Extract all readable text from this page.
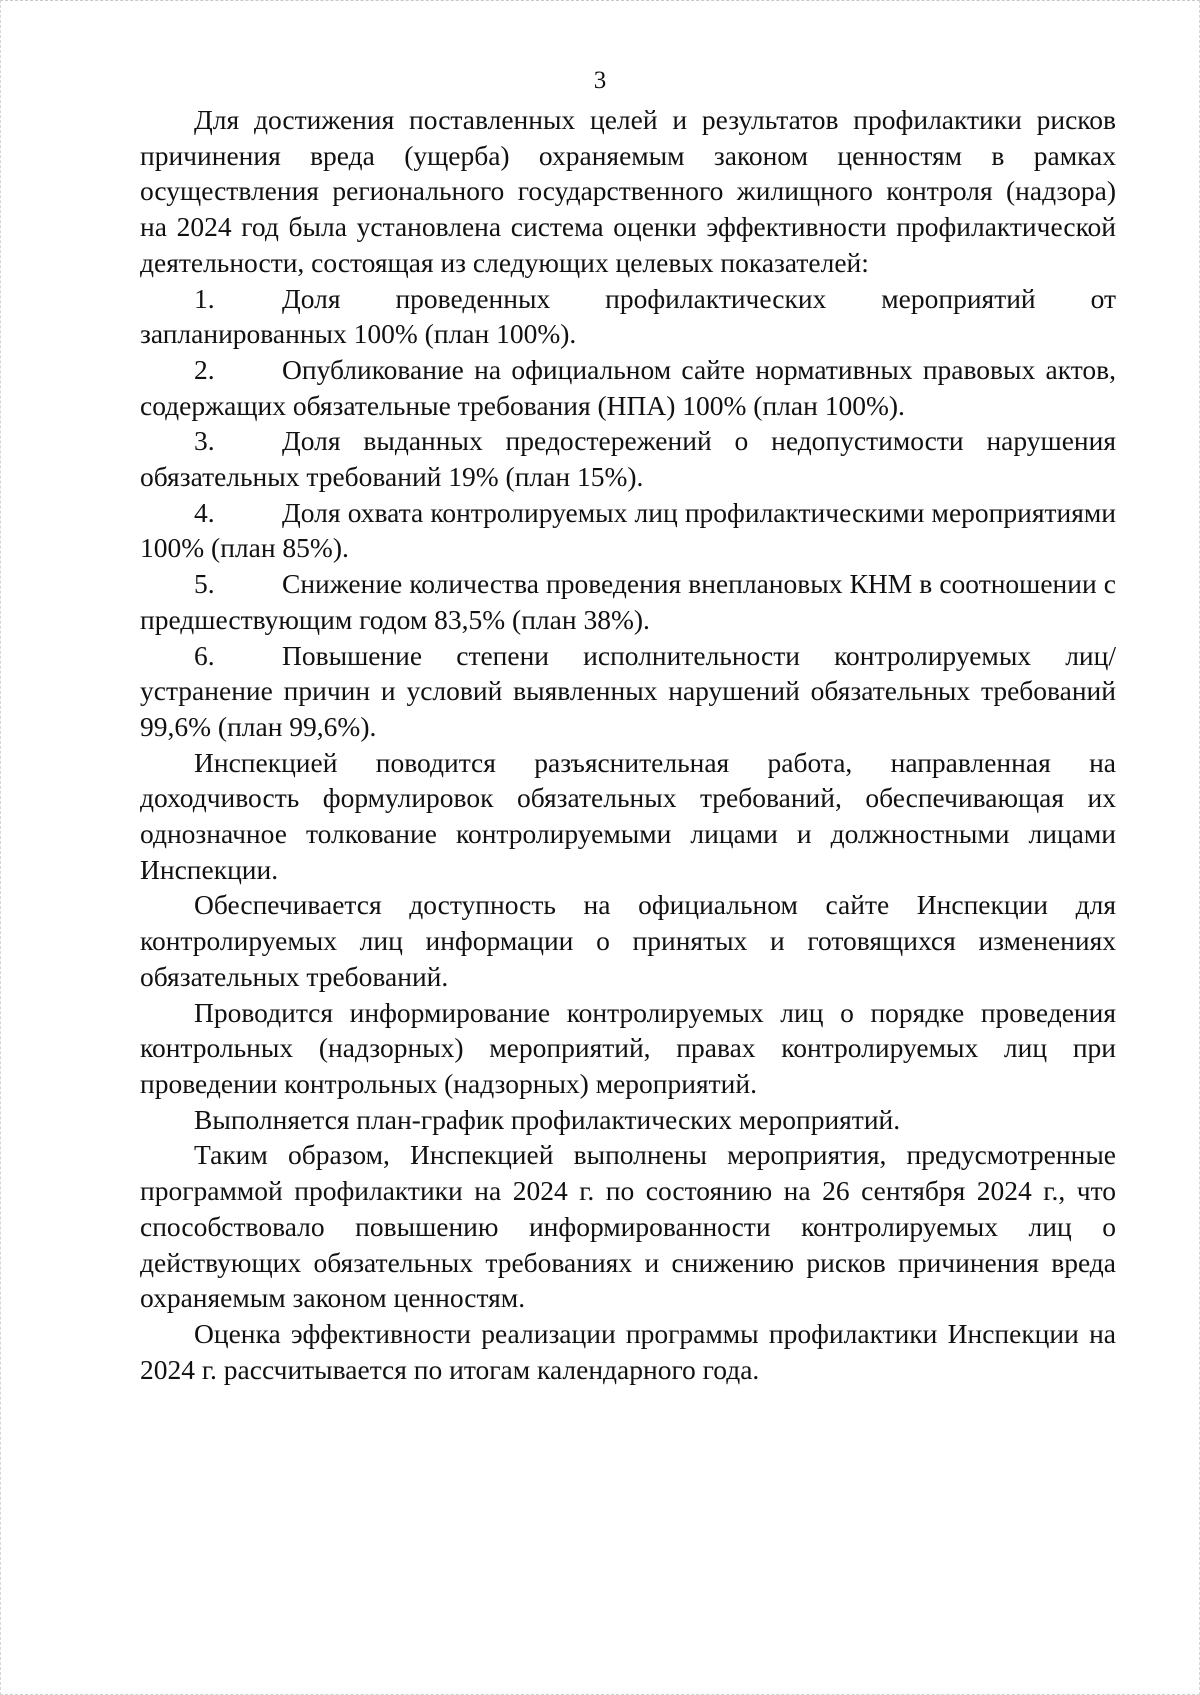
3

Для достижения поставленных целей и результатов профилактики рисков причинения вреда (ущерба) охраняемым законом ценностям в рамках осуществления регионального государственного жилищного контроля (надзора) на 2024 год была установлена система оценки эффективности профилактической деятельности, состоящая из следующих целевых показателей:

1. Доля проведенных профилактических мероприятий от запланированных 100% (план 100%).

2. Опубликование на официальном сайте нормативных правовых актов, содержащих обязательные требования (НПА) 100% (план 100%).

3. Доля выданных предостережений о недопустимости нарушения обязательных требований 19% (план 15%).

4. Доля охвата контролируемых лиц профилактическими мероприятиями 100% (план 85%).

5. Снижение количества проведения внеплановых КНМ в соотношении с предшествующим годом 83,5% (план 38%).

6. Повышение степени исполнительности контролируемых лиц/устранение причин и условий выявленных нарушений обязательных требований 99,6% (план 99,6%).

Инспекцией поводится разъяснительная работа, направленная на доходчивость формулировок обязательных требований, обеспечивающая их однозначное толкование контролируемыми лицами и должностными лицами Инспекции.

Обеспечивается доступность на официальном сайте Инспекции для контролируемых лиц информации о принятых и готовящихся изменениях обязательных требований.

Проводится информирование контролируемых лиц о порядке проведения контрольных (надзорных) мероприятий, правах контролируемых лиц при проведении контрольных (надзорных) мероприятий.

Выполняется план-график профилактических мероприятий.

Таким образом, Инспекцией выполнены мероприятия, предусмотренные программой профилактики на 2024 г. по состоянию на 26 сентября 2024 г., что способствовало повышению информированности контролируемых лиц о действующих обязательных требованиях и снижению рисков причинения вреда охраняемым законом ценностям.

Оценка эффективности реализации программы профилактики Инспекции на 2024 г. рассчитывается по итогам календарного года.
